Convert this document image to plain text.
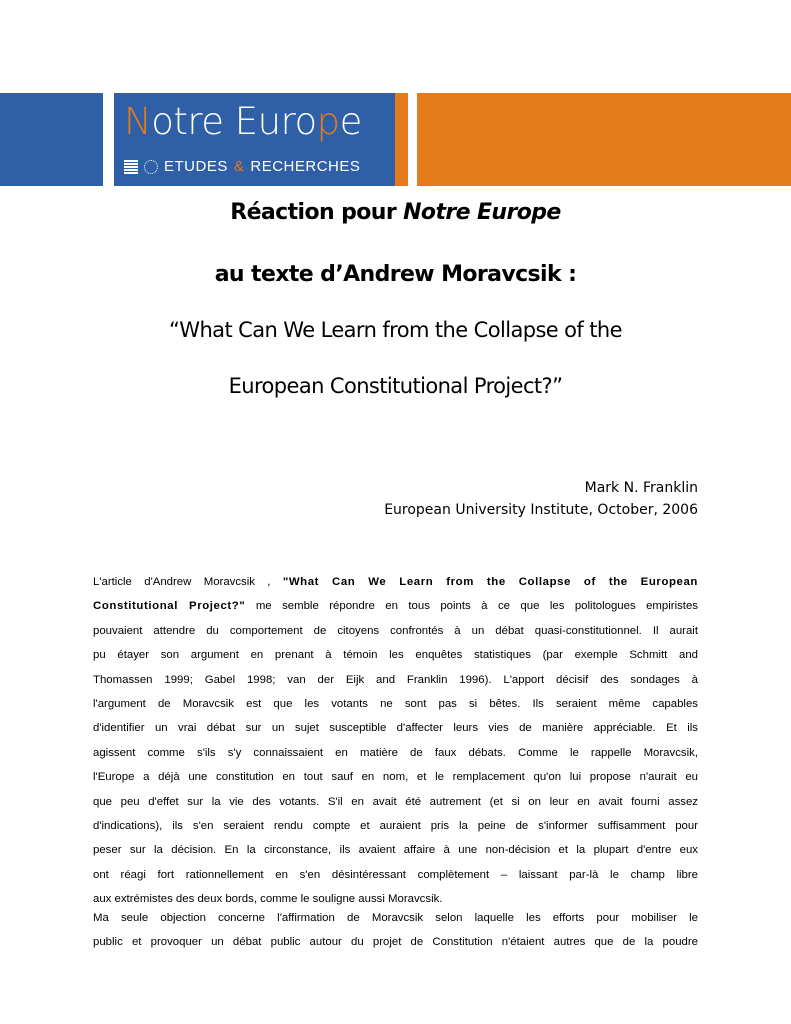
Notre Europe
ETUDES & RECHERCHES
Réaction pour Notre Europe
au texte d’Andrew Moravcsik :
“What Can We Learn from the Collapse of the
European Constitutional Project?”
Mark N. Franklin
European University Institute, October, 2006
L'article d'Andrew Moravcsik , "What Can We Learn from the Collapse of the European
Constitutional Project?" me semble répondre en tous points à ce que les politologues empiristes
pouvaient attendre du comportement de citoyens confrontés à un débat quasi-constitutionnel. Il aurait
pu étayer son argument en prenant à témoin les enquêtes statistiques (par exemple Schmitt and
Thomassen 1999; Gabel 1998; van der Eijk and Franklin 1996). L'apport décisif des sondages à
l'argument de Moravcsik est que les votants ne sont pas si bêtes. Ils seraient même capables
d'identifier un vrai débat sur un sujet susceptible d'affecter leurs vies de manière appréciable. Et ils
agissent comme s'ils s'y connaissaient en matière de faux débats. Comme le rappelle Moravcsik,
l'Europe a déjà une constitution en tout sauf en nom, et le remplacement qu'on lui propose n'aurait eu
que peu d'effet sur la vie des votants. S'il en avait été autrement (et si on leur en avait fourni assez
d'indications), ils s'en seraient rendu compte et auraient pris la peine de s'informer suffisamment pour
peser sur la décision. En la circonstance, ils avaient affaire à une non-décision et la plupart d'entre eux
ont réagi fort rationnellement en s'en désintéressant complètement – laissant par-là le champ libre
aux extrémistes des deux bords, comme le souligne aussi Moravcsik.
Ma seule objection concerne l'affirmation de Moravcsik selon laquelle les efforts pour mobiliser le
public et provoquer un débat public autour du projet de Constitution n'étaient autres que de la poudre
